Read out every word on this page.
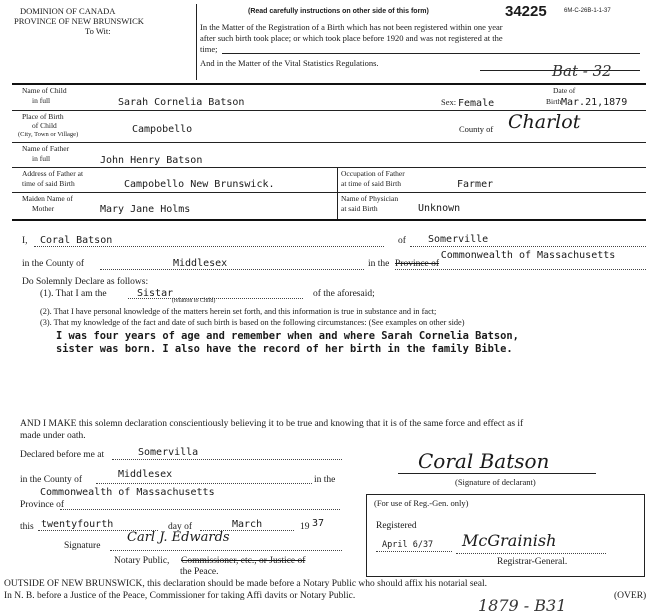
DOMINION OF CANADA
PROVINCE OF NEW BRUNSWICK
To Wit:
(Read carefully instructions on other side of this form)	34225	6M-C-26B-1-1-37
In the Matter of the Registration of a Birth which has not been registered within one year
after such birth took place; or which took place before 1920 and was not registered at the
time;
And in the Matter of the Vital Statistics Regulations.	Bat - 32
Name of Child
in full	Sarah Cornelia Batson	Sex: Female
Date of
Birth Mar.21,1879
Place of Birth
of Child
(City, Town or Village)	Campobello	County of Charlot
Name of Father
in full	John Henry Batson
Address of Father at
time of said Birth	Campobello New Brunswick.
Occupation of Father
at time of said Birth	Farmer
Maiden Name of
Mother	Mary Jane Holms
Name of Physician
at said Birth	Unknown
I, Coral Batson	of Somerville
in the County of	Middlesex	in the Province of
Commonwealth of Massachusetts
Do Solemnly Declare as follows:
(1). That I am the	Sistar
(relation to Child)
of the aforesaid;
(2). That I have personal knowledge of the matters herein set forth, and this information is true in substance and in fact;
(3). That my knowledge of the fact and date of such birth is based on the following circumstances: (See examples on other side)
I was four years of age and remember when and where Sarah Cornelia Batson,
sister was born. I also have the record of her birth in the family Bible.
AND I MAKE this solemn declaration conscientiously believing it to be true and knowing that it is of the same force and effect as if
made under oath.
Declared before me at	Somervilla
in the County of	Middlesex	in the
Commonwealth of Massachusetts
Province of
this twentyfourth	day of	March	19 37
Signature
Carl J. Edwards
Notary Public, Commissioner, etc., or Justice of
the Peace.
Coral Batson
(Signature of declarant)
(For use of Reg.-Gen. only)
Registered
April 6/37 McGrainish
Registrar-General.
OUTSIDE OF NEW BRUNSWICK, this declaration should be made before a Notary Public who should affix his notarial seal.
In N. B. before a Justice of the Peace, Commissioner for taking Affi davits or Notary Public.	(OVER)
1879 - B31
